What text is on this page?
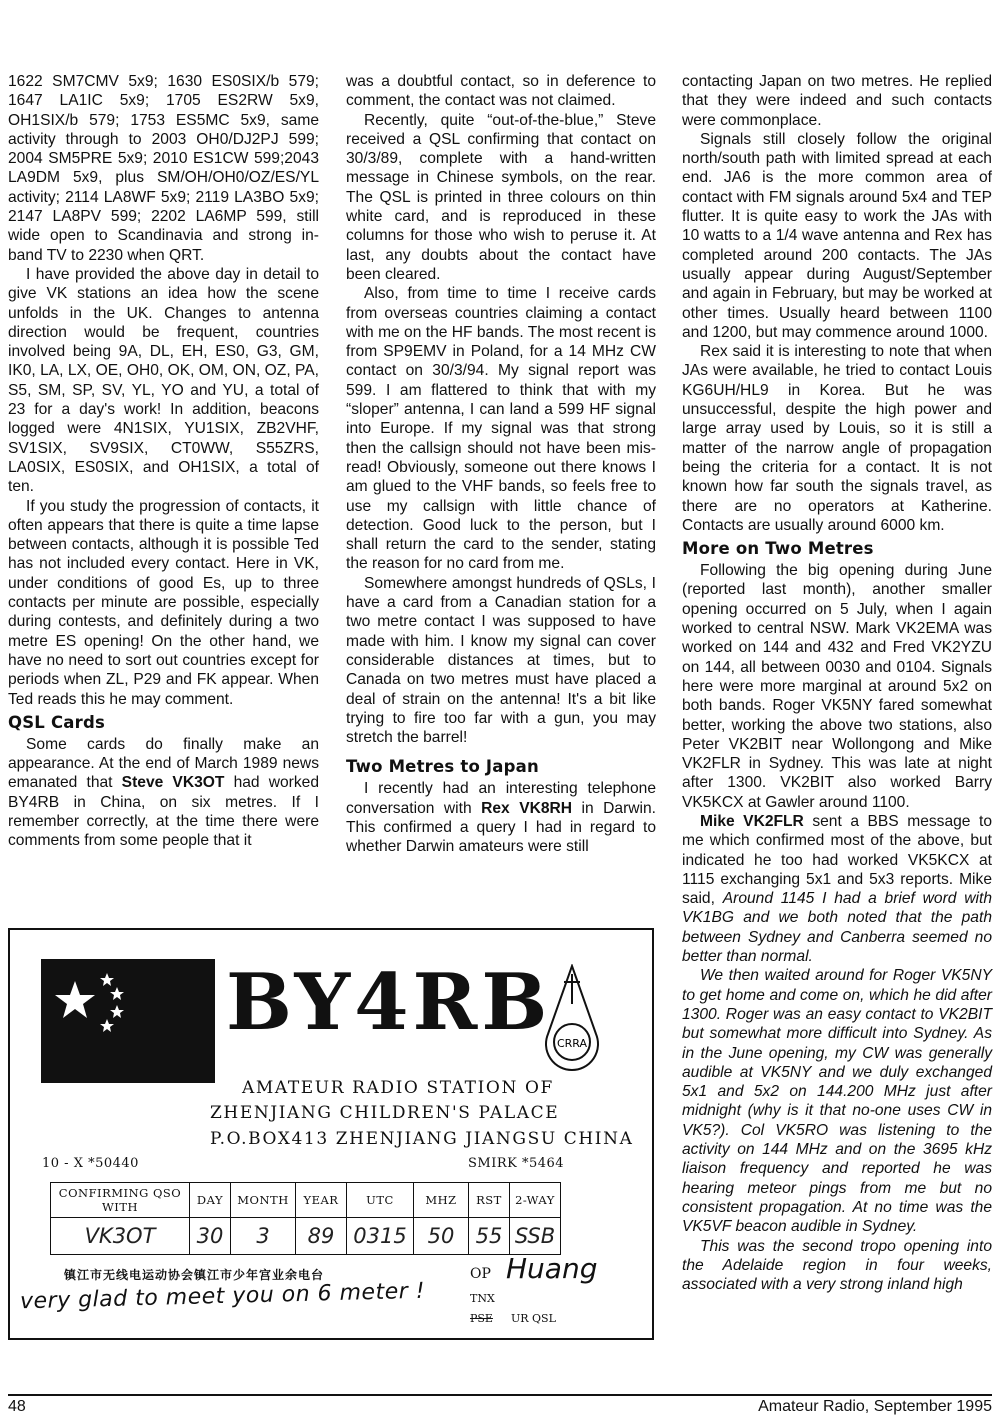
1622 SM7CMV 5x9; 1630 ES0SIX/b 579; 1647 LA1IC 5x9; 1705 ES2RW 5x9, OH1SIX/b 579; 1753 ES5MC 5x9, same activity through to 2003 OH0/DJ2PJ 599; 2004 SM5PRE 5x9; 2010 ES1CW 599;2043 LA9DM 5x9, plus SM/OH/OH0/OZ/ES/YL activity; 2114 LA8WF 5x9; 2119 LA3BO 5x9; 2147 LA8PV 599; 2202 LA6MP 599, still wide open to Scandinavia and strong in-band TV to 2230 when QRT.

I have provided the above day in detail to give VK stations an idea how the scene unfolds in the UK. Changes to antenna direction would be frequent, countries involved being 9A, DL, EH, ES0, G3, GM, IK0, LA, LX, OE, OH0, OK, OM, ON, OZ, PA, S5, SM, SP, SV, YL, YO and YU, a total of 23 for a day's work! In addition, beacons logged were 4N1SIX, YU1SIX, ZB2VHF, SV1SIX, SV9SIX, CT0WW, S55ZRS, LA0SIX, ES0SIX, and OH1SIX, a total of ten.

If you study the progression of contacts, it often appears that there is quite a time lapse between contacts, although it is possible Ted has not included every contact. Here in VK, under conditions of good Es, up to three contacts per minute are possible, especially during contests, and definitely during a two metre ES opening! On the other hand, we have no need to sort out countries except for periods when ZL, P29 and FK appear. When Ted reads this he may comment.

QSL Cards

Some cards do finally make an appearance. At the end of March 1989 news emanated that Steve VK3OT had worked BY4RB in China, on six metres. If I remember correctly, at the time there were comments from some people that it

was a doubtful contact, so in deference to comment, the contact was not claimed.

Recently, quite “out-of-the-blue,” Steve received a QSL confirming that contact on 30/3/89, complete with a hand-written message in Chinese symbols, on the rear. The QSL is printed in three colours on thin white card, and is reproduced in these columns for those who wish to peruse it. At last, any doubts about the contact have been cleared.

Also, from time to time I receive cards from overseas countries claiming a contact with me on the HF bands. The most recent is from SP9EMV in Poland, for a 14 MHz CW contact on 30/3/94. My signal report was 599. I am flattered to think that with my “sloper” antenna, I can land a 599 HF signal into Europe. If my signal was that strong then the callsign should not have been mis-read! Obviously, someone out there knows I am glued to the VHF bands, so feels free to use my callsign with little chance of detection. Good luck to the person, but I shall return the card to the sender, stating the reason for no card from me.

Somewhere amongst hundreds of QSLs, I have a card from a Canadian station for a two metre contact I was supposed to have made with him. I know my signal can cover considerable distances at times, but to Canada on two metres must have placed a deal of strain on the antenna! It's a bit like trying to fire too far with a gun, you may stretch the barrel!

Two Metres to Japan

I recently had an interesting telephone conversation with Rex VK8RH in Darwin. This confirmed a query I had in regard to whether Darwin amateurs were still

contacting Japan on two metres. He replied that they were indeed and such contacts were commonplace.

Signals still closely follow the original north/south path with limited spread at each end. JA6 is the more common area of contact with FM signals around 5x4 and TEP flutter. It is quite easy to work the JAs with 10 watts to a 1/4 wave antenna and Rex has completed around 200 contacts. The JAs usually appear during August/September and again in February, but may be worked at other times. Usually heard between 1100 and 1200, but may commence around 1000.

Rex said it is interesting to note that when JAs were available, he tried to contact Louis KG6UH/HL9 in Korea. But he was unsuccessful, despite the high power and large array used by Louis, so it is still a matter of the narrow angle of propagation being the criteria for a contact. It is not known how far south the signals travel, as there are no operators at Katherine. Contacts are usually around 6000 km.

More on Two Metres

Following the big opening during June (reported last month), another smaller opening occurred on 5 July, when I again worked to central NSW. Mark VK2EMA was worked on 144 and 432 and Fred VK2YZU on 144, all between 0030 and 0104. Signals here were more marginal at around 5x2 on both bands. Roger VK5NY fared somewhat better, working the above two stations, also Peter VK2BIT near Wollongong and Mike VK2FLR in Sydney. This was late at night after 1300. VK2BIT also worked Barry VK5KCX at Gawler around 1100.

Mike VK2FLR sent a BBS message to me which confirmed most of the above, but indicated he too had worked VK5KCX at 1115 exchanging 5x1 and 5x3 reports. Mike said, Around 1145 I had a brief word with VK1BG and we both noted that the path between Sydney and Canberra seemed no better than normal.

We then waited around for Roger VK5NY to get home and come on, which he did after 1300. Roger was an easy contact to VK2BIT but somewhat more difficult into Sydney. As in the June opening, my CW was generally audible at VK5NY and we duly exchanged 5x1 and 5x2 on 144.200 MHz just after midnight (why is it that no-one uses CW in VK5?). Col VK5RO was listening to the activity on 144 MHz and on the 3695 kHz liaison frequency and reported he was hearing meteor pings from me but no consistent propagation. At no time was the VK5VF beacon audible in Sydney.

This was the second tropo opening into the Adelaide region in four weeks, associated with a very strong inland high

BY4RB CRRA
AMATEUR RADIO STATION OF
ZHENJIANG CHILDREN'S PALACE
P.O.BOX413 ZHENJIANG JIANGSU CHINA
10 - X *50440	SMIRK *5464
CONFIRMING QSO WITH	DAY	MONTH	YEAR	UTC	MHZ	RST	2-WAY
VK3OT	30	3	89	0315	50	55	SSB
镇江市无线电运动协会镇江市少年宫业余电台	OP Huang
very glad to meet you on 6 meter !	TNX
PSE UR QSL
48	Amateur Radio, September 1995
